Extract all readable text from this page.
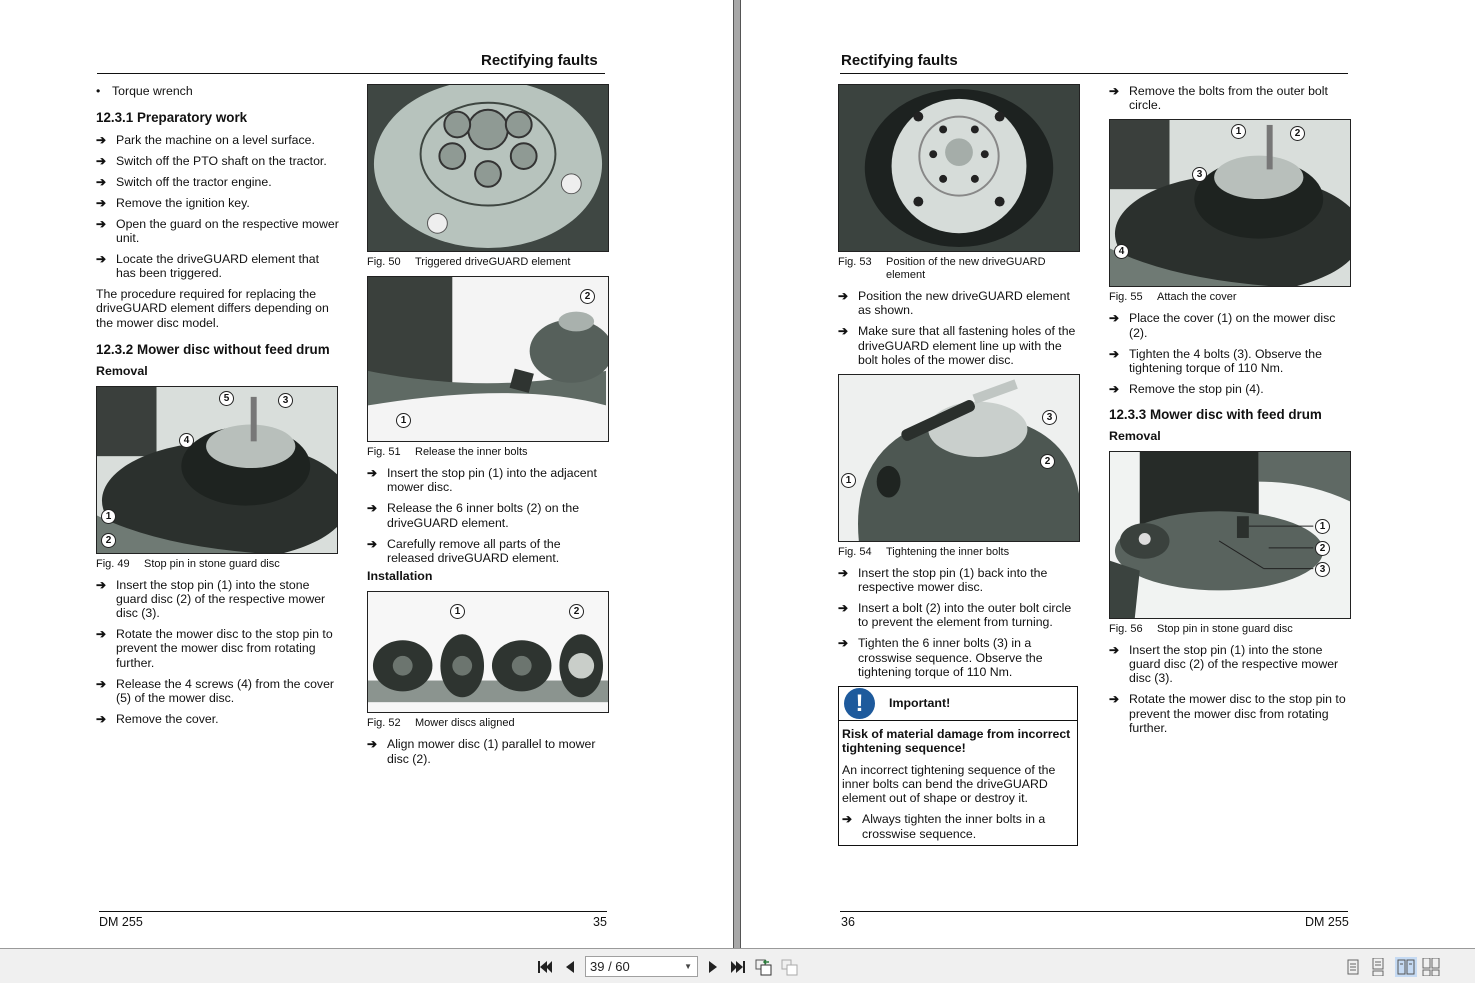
Rectifying faults
• Torque wrench
12.3.1 Preparatory work
➔ Park the machine on a level surface.
➔ Switch off the PTO shaft on the tractor.
➔ Switch off the tractor engine.
➔ Remove the ignition key.
➔ Open the guard on the respective mower unit.
➔ Locate the driveGUARD element that has been triggered.
The procedure required for replacing the driveGUARD element differs depending on the mower disc model.
12.3.2 Mower disc without feed drum
Removal
5	3
4
1
2
Fig. 49	Stop pin in stone guard disc
➔ Insert the stop pin (1) into the stone guard disc (2) of the respective mower disc (3).
➔ Rotate the mower disc to the stop pin to prevent the mower disc from rotating further.
➔ Release the 4 screws (4) from the cover (5) of the mower disc.
➔ Remove the cover.
Fig. 50	Triggered driveGUARD element
2
1
Fig. 51	Release the inner bolts
➔ Insert the stop pin (1) into the adjacent mower disc.
➔ Release the 6 inner bolts (2) on the driveGUARD element.
➔ Carefully remove all parts of the released driveGUARD element.
Installation
1	2
Fig. 52	Mower discs aligned
➔ Align mower disc (1) parallel to mower disc (2).
DM 255	35
Rectifying faults
Fig. 53	Position of the new driveGUARD element
➔ Position the new driveGUARD element as shown.
➔ Make sure that all fastening holes of the driveGUARD element line up with the bolt holes of the mower disc.
3
2
1
Fig. 54	Tightening the inner bolts
➔ Insert the stop pin (1) back into the respective mower disc.
➔ Insert a bolt (2) into the outer bolt circle to prevent the element from turning.
➔ Tighten the 6 inner bolts (3) in a crosswise sequence. Observe the tightening torque of 110 Nm.
!	Important!
Risk of material damage from incorrect tightening sequence!
An incorrect tightening sequence of the inner bolts can bend the driveGUARD element out of shape or destroy it.
➔ Always tighten the inner bolts in a crosswise sequence.
➔ Remove the bolts from the outer bolt circle.
1	2
3
4
Fig. 55	Attach the cover
➔ Place the cover (1) on the mower disc (2).
➔ Tighten the 4 bolts (3). Observe the tightening torque of 110 Nm.
➔ Remove the stop pin (4).
12.3.3 Mower disc with feed drum
Removal
1
2
3
Fig. 56	Stop pin in stone guard disc
➔ Insert the stop pin (1) into the stone guard disc (2) of the respective mower disc (3).
➔ Rotate the mower disc to the stop pin to prevent the mower disc from rotating further.
36	DM 255
39 / 60	▼
